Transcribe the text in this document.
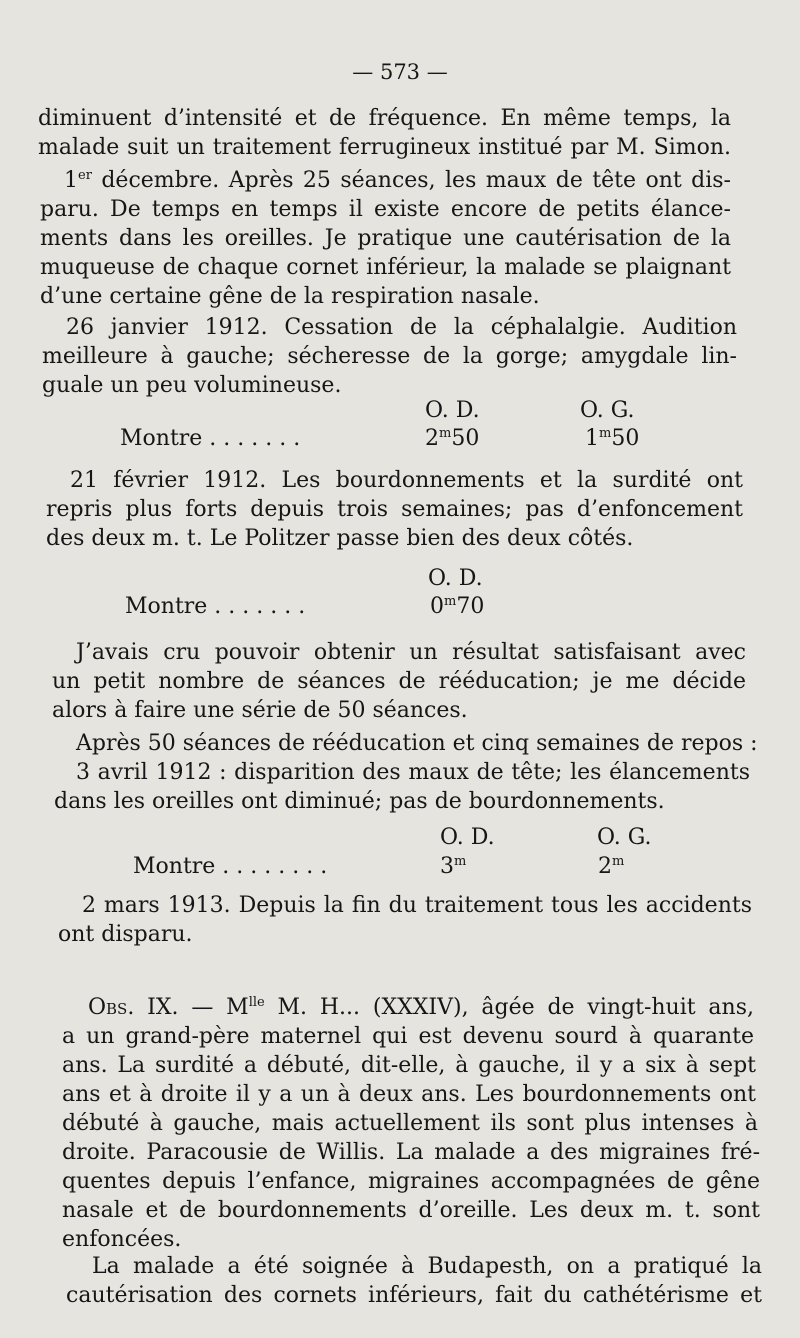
— 573 —
diminuent d’intensité et de fréquence. En même temps, la
malade suit un traitement ferrugineux institué par M. Simon.
1er décembre. Après 25 séances, les maux de tête ont dis-
paru. De temps en temps il existe encore de petits élance-
ments dans les oreilles. Je pratique une cautérisation de la
muqueuse de chaque cornet inférieur, la malade se plaignant
d’une certaine gêne de la respiration nasale.
26 janvier 1912. Cessation de la céphalalgie. Audition
meilleure à gauche; sécheresse de la gorge; amygdale lin-
guale un peu volumineuse.
O. D.	O. G.
Montre . . . . . . .	2$^m$50	1$^m$50
21 février 1912. Les bourdonnements et la surdité ont
repris plus forts depuis trois semaines; pas d’enfoncement
des deux m. t. Le Politzer passe bien des deux côtés.
O. D.
Montre . . . . . . .	0$^m$70
J’avais cru pouvoir obtenir un résultat satisfaisant avec
un petit nombre de séances de rééducation; je me décide
alors à faire une série de 50 séances.
Après 50 séances de rééducation et cinq semaines de repos :
3 avril 1912 : disparition des maux de tête; les élancements
dans les oreilles ont diminué; pas de bourdonnements.
O. D.	O. G.
Montre . . . . . . . .	3$^m$	2$^m$
2 mars 1913. Depuis la fin du traitement tous les accidents
ont disparu.
Obs. IX. — $M^{lle}$ M. H... (XXXIV), âgée de vingt-huit ans,
a un grand-père maternel qui est devenu sourd à quarante
ans. La surdité a débuté, dit-elle, à gauche, il y a six à sept
ans et à droite il y a un à deux ans. Les bourdonnements ont
débuté à gauche, mais actuellement ils sont plus intenses à
droite. Paracousie de Willis. La malade a des migraines fré-
quentes depuis l’enfance, migraines accompagnées de gêne
nasale et de bourdonnements d’oreille. Les deux m. t. sont
enfoncées.
La malade a été soignée à Budapesth, on a pratiqué la
cautérisation des cornets inférieurs, fait du cathétérisme et
